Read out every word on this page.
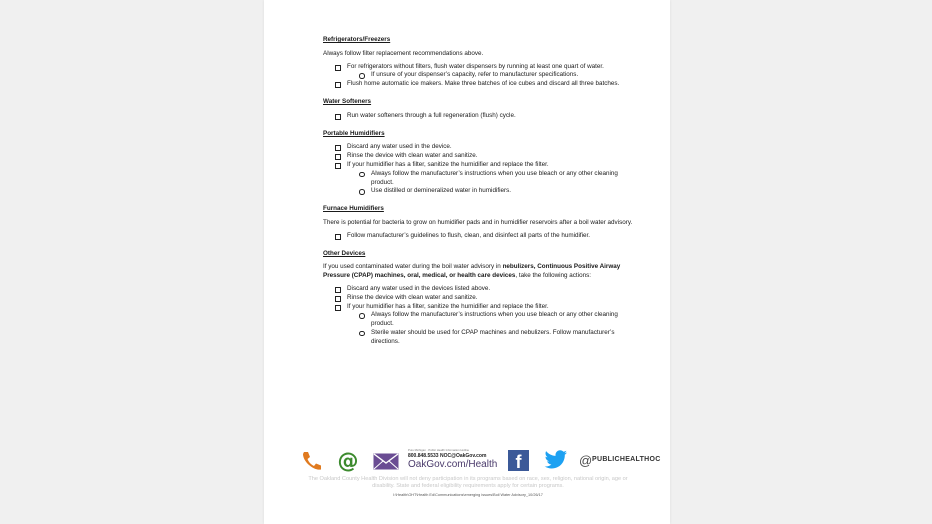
Refrigerators/Freezers
Always follow filter replacement recommendations above.
For refrigerators without filters, flush water dispensers by running at least one quart of water.
If unsure of your dispenser’s capacity, refer to manufacturer specifications.
Flush home automatic ice makers. Make three batches of ice cubes and discard all three batches.
Water Softeners
Run water softeners through a full regeneration (flush) cycle.
Portable Humidifiers
Discard any water used in the device.
Rinse the device with clean water and sanitize.
If your humidifier has a filter, sanitize the humidifier and replace the filter.
Always follow the manufacturer’s instructions when you use bleach or any other cleaning product.
Use distilled or demineralized water in humidifiers.
Furnace Humidifiers
There is potential for bacteria to grow on humidifier pads and in humidifier reservoirs after a boil water advisory.
Follow manufacturer’s guidelines to flush, clean, and disinfect all parts of the humidifier.
Other Devices
If you used contaminated water during the boil water advisory in nebulizers, Continuous Positive Airway Pressure (CPAP) machines, oral, medical, or health care devices, take the following actions:
Discard any water used in the devices listed above.
Rinse the device with clean water and sanitize.
If your humidifier has a filter, sanitize the humidifier and replace the filter.
Always follow the manufacturer’s instructions when you use bleach or any other cleaning product.
Sterile water should be used for CPAP machines and nebulizers. Follow manufacturer’s directions.
@	Pure Michigan · Public Health Information Hotline
800.848.5533 NOC@OakGov.com
OakGov.com/Health	f	@ PUBLICHEALTHOC
The Oakland County Health Division will not deny participation in its programs based on race, sex, religion, national origin, age or disability. State and federal eligibility requirements apply for certain programs.
I:\Health\OHT\Health Ed\Communications\emerging issues\Boil Water Advisory_10/26/17
